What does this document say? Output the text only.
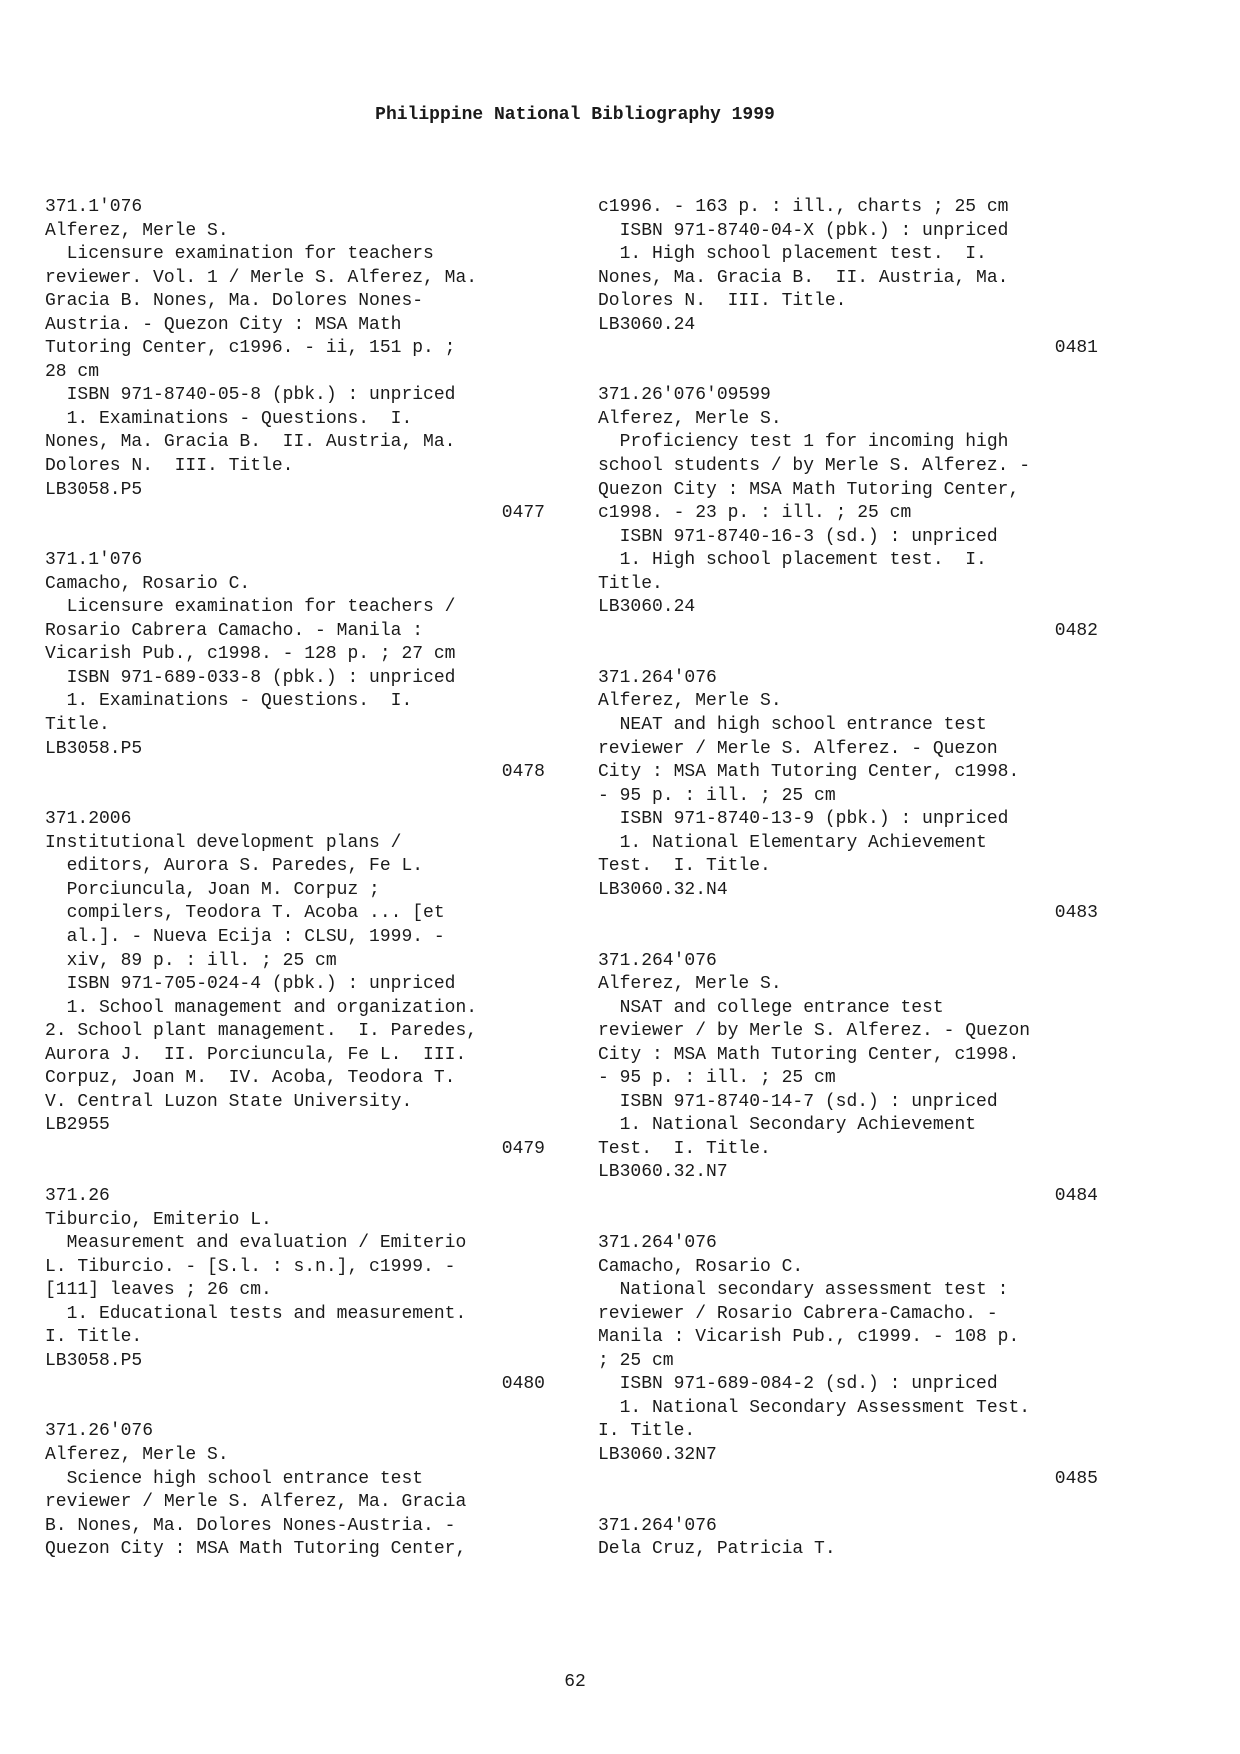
Philippine National Bibliography 1999
371.1'076
Alferez, Merle S.
Licensure examination for teachers
reviewer. Vol. 1 / Merle S. Alferez, Ma.
Gracia B. Nones, Ma. Dolores Nones-
Austria. - Quezon City : MSA Math
Tutoring Center, c1996. - ii, 151 p. ;
28 cm
ISBN 971-8740-05-8 (pbk.) : unpriced
1. Examinations - Questions.  I.
Nones, Ma. Gracia B.  II. Austria, Ma.
Dolores N.  III. Title.
LB3058.P5
0477
371.1'076
Camacho, Rosario C.
Licensure examination for teachers /
Rosario Cabrera Camacho. - Manila :
Vicarish Pub., c1998. - 128 p. ; 27 cm
ISBN 971-689-033-8 (pbk.) : unpriced
1. Examinations - Questions.  I.
Title.
LB3058.P5
0478
371.2006
Institutional development plans /
editors, Aurora S. Paredes, Fe L.
Porciuncula, Joan M. Corpuz ;
compilers, Teodora T. Acoba ... [et
al.]. - Nueva Ecija : CLSU, 1999. -
xiv, 89 p. : ill. ; 25 cm
ISBN 971-705-024-4 (pbk.) : unpriced
1. School management and organization.
2. School plant management.  I. Paredes,
Aurora J.  II. Porciuncula, Fe L.  III.
Corpuz, Joan M.  IV. Acoba, Teodora T.
V. Central Luzon State University.
LB2955
0479
371.26
Tiburcio, Emiterio L.
Measurement and evaluation / Emiterio
L. Tiburcio. - [S.l. : s.n.], c1999. -
[111] leaves ; 26 cm.
1. Educational tests and measurement.
I. Title.
LB3058.P5
0480
371.26'076
Alferez, Merle S.
Science high school entrance test
reviewer / Merle S. Alferez, Ma. Gracia
B. Nones, Ma. Dolores Nones-Austria. -
Quezon City : MSA Math Tutoring Center,
c1996. - 163 p. : ill., charts ; 25 cm
ISBN 971-8740-04-X (pbk.) : unpriced
1. High school placement test.  I.
Nones, Ma. Gracia B.  II. Austria, Ma.
Dolores N.  III. Title.
LB3060.24
0481
371.26'076'09599
Alferez, Merle S.
Proficiency test 1 for incoming high
school students / by Merle S. Alferez. -
Quezon City : MSA Math Tutoring Center,
c1998. - 23 p. : ill. ; 25 cm
ISBN 971-8740-16-3 (sd.) : unpriced
1. High school placement test.  I.
Title.
LB3060.24
0482
371.264'076
Alferez, Merle S.
NEAT and high school entrance test
reviewer / Merle S. Alferez. - Quezon
City : MSA Math Tutoring Center, c1998.
- 95 p. : ill. ; 25 cm
ISBN 971-8740-13-9 (pbk.) : unpriced
1. National Elementary Achievement
Test.  I. Title.
LB3060.32.N4
0483
371.264'076
Alferez, Merle S.
NSAT and college entrance test
reviewer / by Merle S. Alferez. - Quezon
City : MSA Math Tutoring Center, c1998.
- 95 p. : ill. ; 25 cm
ISBN 971-8740-14-7 (sd.) : unpriced
1. National Secondary Achievement
Test.  I. Title.
LB3060.32.N7
0484
371.264'076
Camacho, Rosario C.
National secondary assessment test :
reviewer / Rosario Cabrera-Camacho. -
Manila : Vicarish Pub., c1999. - 108 p.
; 25 cm
ISBN 971-689-084-2 (sd.) : unpriced
1. National Secondary Assessment Test.
I. Title.
LB3060.32N7
0485
371.264'076
Dela Cruz, Patricia T.
62
